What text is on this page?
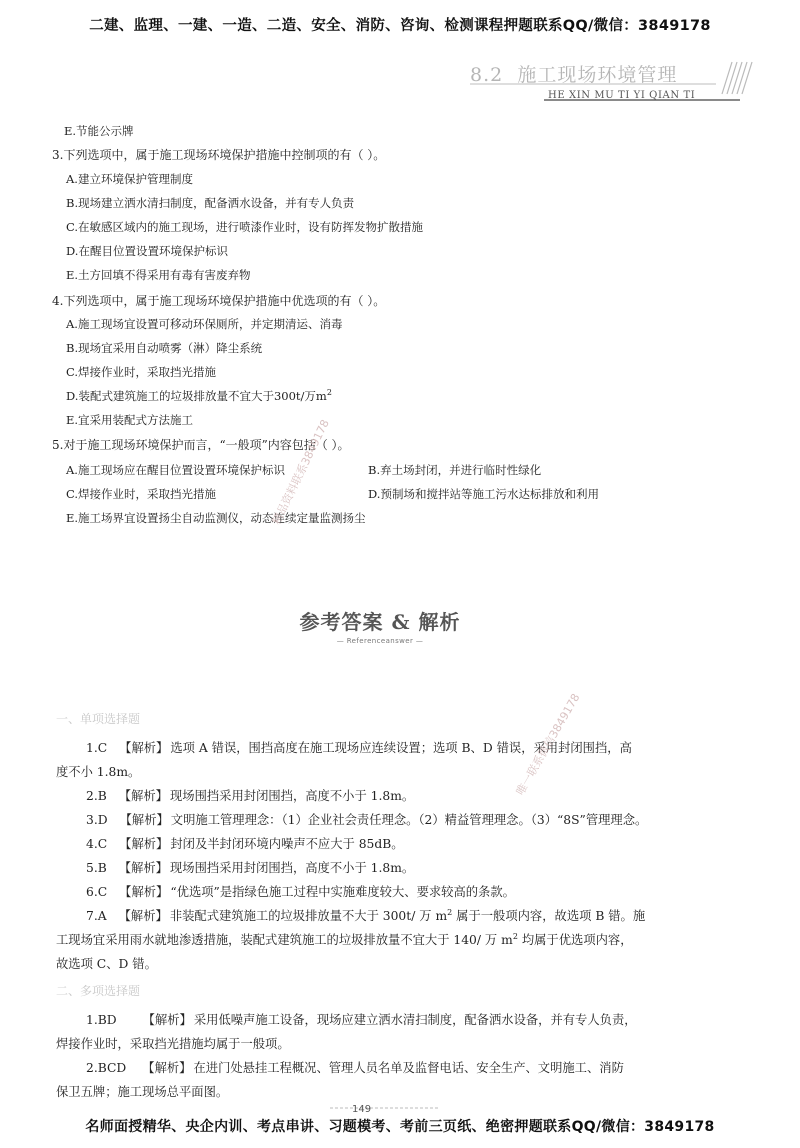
二建、监理、一建、一造、二造、安全、消防、咨询、检测课程押题联系QQ/微信：3849178
8.2 施工现场环境管理
HE XIN MU TI YI QIAN TI
E.节能公示牌
3.下列选项中，属于施工现场环境保护措施中控制项的有（ ）。
A.建立环境保护管理制度
B.现场建立洒水清扫制度，配备洒水设备，并有专人负责
C.在敏感区域内的施工现场，进行喷漆作业时，设有防挥发物扩散措施
D.在醒目位置设置环境保护标识
E.土方回填不得采用有毒有害废弃物
4.下列选项中，属于施工现场环境保护措施中优选项的有（ ）。
A.施工现场宜设置可移动环保厕所，并定期清运、消毒
B.现场宜采用自动喷雾（淋）降尘系统
C.焊接作业时，采取挡光措施
D.装配式建筑施工的垃圾排放量不宜大于300t/万$m^2$
E.宜采用装配式方法施工
5.对于施工现场环境保护而言，“一般项”内容包括（ ）。
A.施工现场应在醒目位置设置环境保护标识	B.弃土场封闭，并进行临时性绿化
C.焊接作业时，采取挡光措施	D.预制场和搅拌站等施工污水达标排放和利用
E.施工场界宜设置扬尘自动监测仪，动态连续定量监测扬尘
参考答案 & 解析
— Referenceanswer —
一、单项选择题
1.C 【解析】 选项 A 错误，围挡高度在施工现场应连续设置；选项 B、D 错误，采用封闭围挡，高
度不小 1.8m。
2.B 【解析】 现场围挡采用封闭围挡，高度不小于 1.8m。
3.D 【解析】 文明施工管理理念：（1）企业社会责任理念。（2）精益管理理念。（3）“8S”管理理念。
4.C 【解析】 封闭及半封闭环境内噪声不应大于 85dB。
5.B 【解析】 现场围挡采用封闭围挡，高度不小于 1.8m。
6.C 【解析】 “优选项”是指绿色施工过程中实施难度较大、要求较高的条款。
7.A 【解析】 非装配式建筑施工的垃圾排放量不大于 300t/ 万 $m^2$ 属于一般项内容，故选项 B 错。施
工现场宜采用雨水就地渗透措施，装配式建筑施工的垃圾排放量不宜大于 140/ 万 $m^2$ 均属于优选项内容，
故选项 C、D 错。
二、多项选择题
1.BD 【解析】 采用低噪声施工设备，现场应建立洒水清扫制度，配备洒水设备，并有专人负责，
焊接作业时，采取挡光措施均属于一般项。
2.BCD 【解析】 在进门处悬挂工程概况、管理人员名单及监督电话、安全生产、文明施工、消防
保卫五牌；施工现场总平面图。
精品资料联系3849178
唯一联系微信3849178
149
名师面授精华、央企内训、考点串讲、习题模考、考前三页纸、绝密押题联系QQ/微信：3849178
